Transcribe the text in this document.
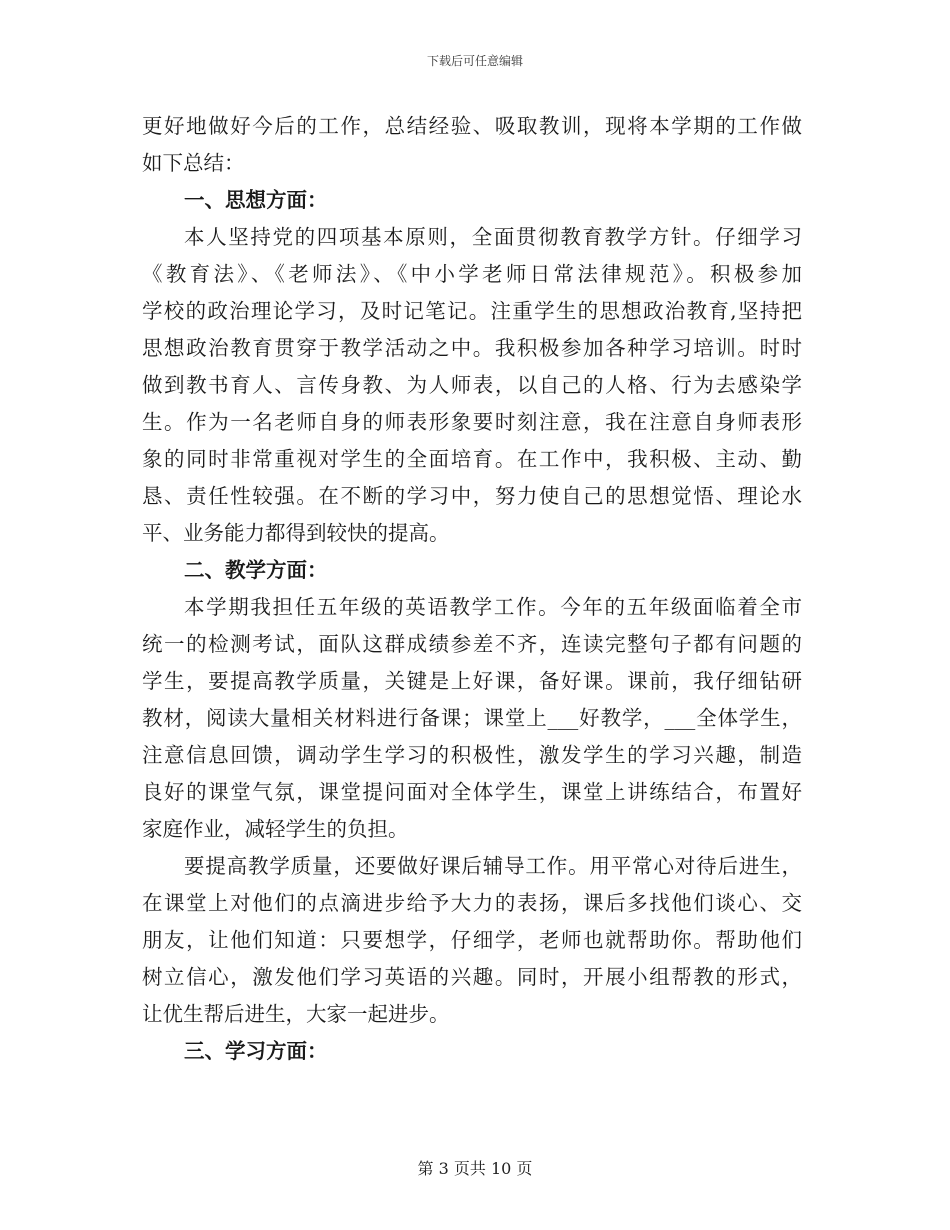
下载后可任意编辑
更好地做好今后的工作，总结经验、吸取教训，现将本学期的工作做
如下总结：
一、思想方面：
本人坚持党的四项基本原则，全面贯彻教育教学方针。仔细学习
《教育法》、《老师法》、《中小学老师日常法律规范》。积极参加
学校的政治理论学习，及时记笔记。注重学生的思想政治教育,坚持把
思想政治教育贯穿于教学活动之中。我积极参加各种学习培训。时时
做到教书育人、言传身教、为人师表，以自己的人格、行为去感染学
生。作为一名老师自身的师表形象要时刻注意，我在注意自身师表形
象的同时非常重视对学生的全面培育。在工作中，我积极、主动、勤
恳、责任性较强。在不断的学习中，努力使自己的思想觉悟、理论水
平、业务能力都得到较快的提高。
二、教学方面：
本学期我担任五年级的英语教学工作。今年的五年级面临着全市
统一的检测考试，面队这群成绩参差不齐，连读完整句子都有问题的
学生，要提高教学质量，关键是上好课，备好课。课前，我仔细钻研
教材，阅读大量相关材料进行备课；课堂上___好教学，___全体学生，
注意信息回馈，调动学生学习的积极性，激发学生的学习兴趣，制造
良好的课堂气氛，课堂提问面对全体学生，课堂上讲练结合，布置好
家庭作业，减轻学生的负担。
要提高教学质量，还要做好课后辅导工作。用平常心对待后进生，
在课堂上对他们的点滴进步给予大力的表扬，课后多找他们谈心、交
朋友，让他们知道：只要想学，仔细学，老师也就帮助你。帮助他们
树立信心，激发他们学习英语的兴趣。同时，开展小组帮教的形式，
让优生帮后进生，大家一起进步。
三、学习方面：
第 3 页共 10 页
